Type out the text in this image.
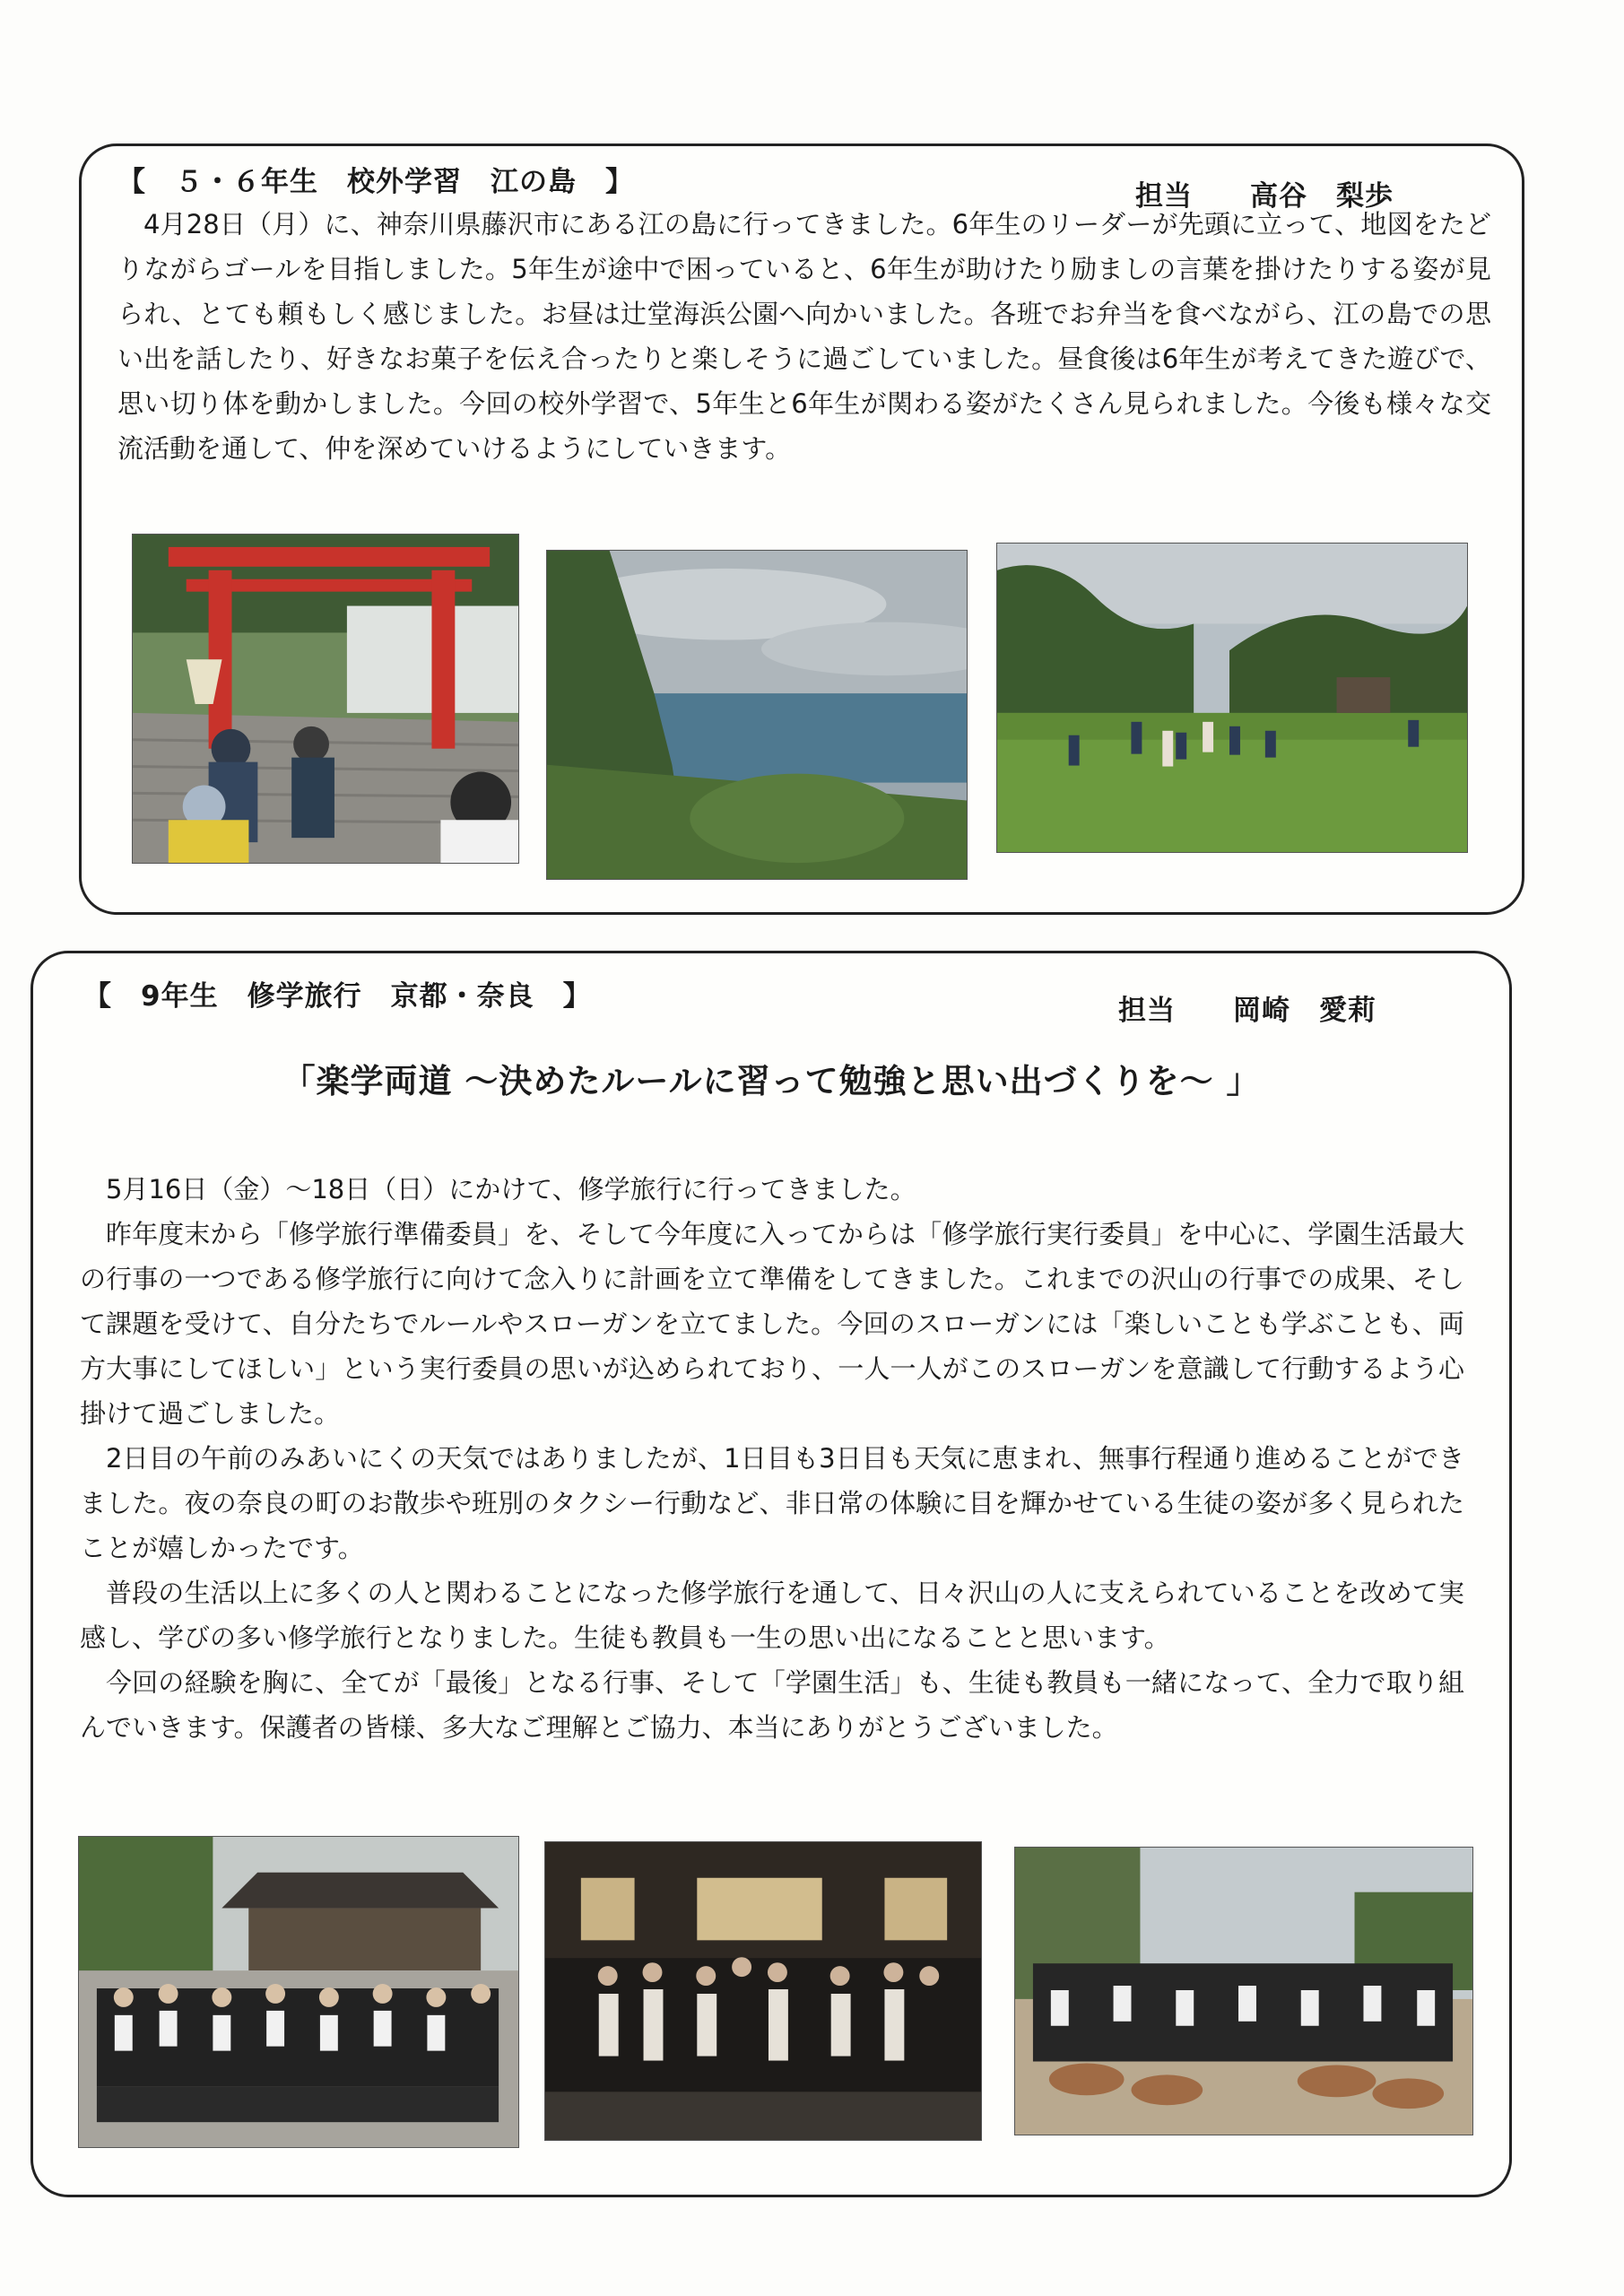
【　５・６年生　校外学習　江の島　】	担当　　高谷　梨歩

4月28日（月）に、神奈川県藤沢市にある江の島に行ってきました。6年生のリーダーが先頭に立って、地図をたどりながらゴールを目指しました。5年生が途中で困っていると、6年生が助けたり励ましの言葉を掛けたりする姿が見られ、とても頼もしく感じました。お昼は辻堂海浜公園へ向かいました。各班でお弁当を食べながら、江の島での思い出を話したり、好きなお菓子を伝え合ったりと楽しそうに過ごしていました。昼食後は6年生が考えてきた遊びで、思い切り体を動かしました。今回の校外学習で、5年生と6年生が関わる姿がたくさん見られました。今後も様々な交流活動を通して、仲を深めていけるようにしていきます。

【　9年生　修学旅行　京都・奈良　】	担当　　岡崎　愛莉
「楽学両道 ～決めたルールに習って勉強と思い出づくりを～ 」

5月16日（金）～18日（日）にかけて、修学旅行に行ってきました。

昨年度末から「修学旅行準備委員」を、そして今年度に入ってからは「修学旅行実行委員」を中心に、学園生活最大の行事の一つである修学旅行に向けて念入りに計画を立て準備をしてきました。これまでの沢山の行事での成果、そして課題を受けて、自分たちでルールやスローガンを立てました。今回のスローガンには「楽しいことも学ぶことも、両方大事にしてほしい」という実行委員の思いが込められており、一人一人がこのスローガンを意識して行動するよう心掛けて過ごしました。

2日目の午前のみあいにくの天気ではありましたが、1日目も3日目も天気に恵まれ、無事行程通り進めることができました。夜の奈良の町のお散歩や班別のタクシー行動など、非日常の体験に目を輝かせている生徒の姿が多く見られたことが嬉しかったです。

普段の生活以上に多くの人と関わることになった修学旅行を通して、日々沢山の人に支えられていることを改めて実感し、学びの多い修学旅行となりました。生徒も教員も一生の思い出になることと思います。

今回の経験を胸に、全てが「最後」となる行事、そして「学園生活」も、生徒も教員も一緒になって、全力で取り組んでいきます。保護者の皆様、多大なご理解とご協力、本当にありがとうございました。
